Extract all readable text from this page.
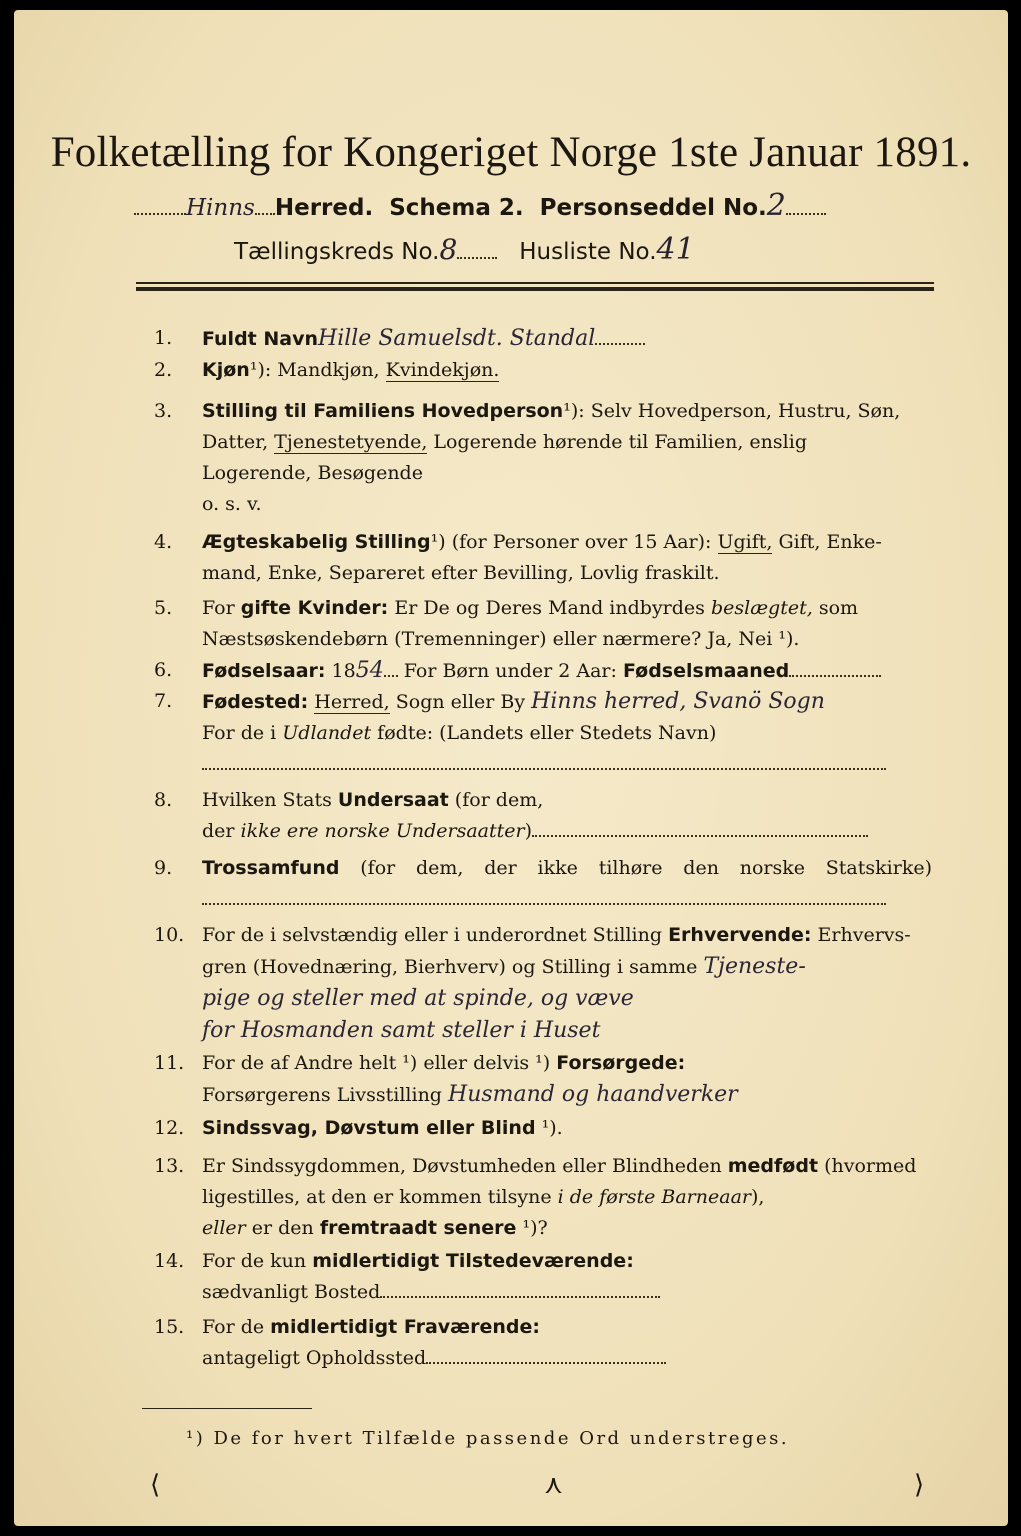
Folketælling for Kongeriget Norge 1ste Januar 1891.
Hinns Herred. Schema 2. Personseddel No.2
Tællingskreds No.8	Husliste No.41
1.	Fuldt NavnHille Samuelsdt. Standal
2.	Kjøn¹): Mandkjøn, Kvindekjøn.
3.	Stilling til Familiens Hovedperson¹): Selv Hovedperson, Hustru, Søn,
Datter, Tjenestetyende, Logerende hørende til Familien, enslig
Logerende, Besøgende
o. s. v.
4.	Ægteskabelig Stilling¹) (for Personer over 15 Aar): Ugift, Gift, Enke-
mand, Enke, Separeret efter Bevilling, Lovlig fraskilt.
5.	For gifte Kvinder: Er De og Deres Mand indbyrdes beslægtet, som
Næstsøskendebørn (Tremenninger) eller nærmere? Ja, Nei ¹).
6.	Fødselsaar: 1854 For Børn under 2 Aar: Fødselsmaaned
7.	Fødested: Herred, Sogn eller By Hinns herred, Svanö Sogn
For de i Udlandet fødte: (Landets eller Stedets Navn)
8.	Hvilken Stats Undersaat (for dem,
der ikke ere norske Undersaatter)
9.	Trossamfund (for dem, der ikke tilhøre den norske Statskirke)
10. For de i selvstændig eller i underordnet Stilling Erhvervende: Erhvervs-
gren (Hovednæring, Bierhverv) og Stilling i samme Tjeneste-
pige og steller med at spinde, og væve
for Hosmanden samt steller i Huset
11. For de af Andre helt ¹) eller delvis ¹) Forsørgede:
Forsørgerens Livsstilling Husmand og haandverker
12. Sindssvag, Døvstum eller Blind ¹).
13. Er Sindssygdommen, Døvstumheden eller Blindheden medfødt (hvormed
ligestilles, at den er kommen tilsyne i de første Barneaar),
eller er den fremtraadt senere ¹)?
14. For de kun midlertidigt Tilstedeværende:
sædvanligt Bosted
15. For de midlertidigt Fraværende:
antageligt Opholdssted
¹) De for hvert Tilfælde passende Ord understreges.
⟨	⋏	⟩
